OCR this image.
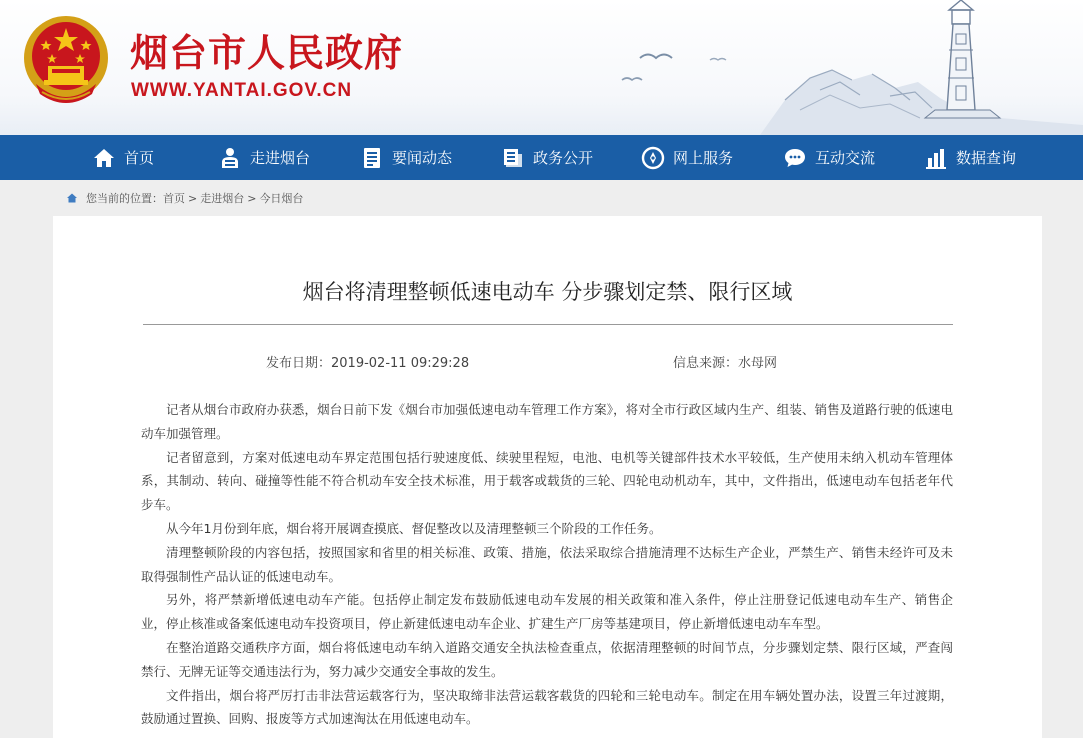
烟台市人民政府
WWW.YANTAI.GOV.CN
首页	走进烟台	要闻动态	政务公开	网上服务	互动交流	数据查询
您当前的位置： 首页 > 走进烟台 > 今日烟台
烟台将清理整顿低速电动车 分步骤划定禁、限行区域
发布日期：2019-02-11 09:29:28	信息来源：水母网

记者从烟台市政府办获悉，烟台日前下发《烟台市加强低速电动车管理工作方案》，将对全市行政区域内生产、组装、销售及道路行驶的低速电动车加强管理。

记者留意到，方案对低速电动车界定范围包括行驶速度低、续驶里程短，电池、电机等关键部件技术水平较低，生产使用未纳入机动车管理体系，其制动、转向、碰撞等性能不符合机动车安全技术标准，用于载客或载货的三轮、四轮电动机动车，其中，文件指出，低速电动车包括老年代步车。

从今年1月份到年底，烟台将开展调查摸底、督促整改以及清理整顿三个阶段的工作任务。

清理整顿阶段的内容包括，按照国家和省里的相关标准、政策、措施，依法采取综合措施清理不达标生产企业，严禁生产、销售未经许可及未取得强制性产品认证的低速电动车。

另外，将严禁新增低速电动车产能。包括停止制定发布鼓励低速电动车发展的相关政策和准入条件，停止注册登记低速电动车生产、销售企业，停止核准或备案低速电动车投资项目，停止新建低速电动车企业、扩建生产厂房等基建项目，停止新增低速电动车车型。

在整治道路交通秩序方面，烟台将低速电动车纳入道路交通安全执法检查重点，依据清理整顿的时间节点，分步骤划定禁、限行区域，严查闯禁行、无牌无证等交通违法行为，努力减少交通安全事故的发生。

文件指出，烟台将严厉打击非法营运载客行为，坚决取缔非法营运载客载货的四轮和三轮电动车。制定在用车辆处置办法，设置三年过渡期，鼓励通过置换、回购、报废等方式加速淘汰在用低速电动车。
